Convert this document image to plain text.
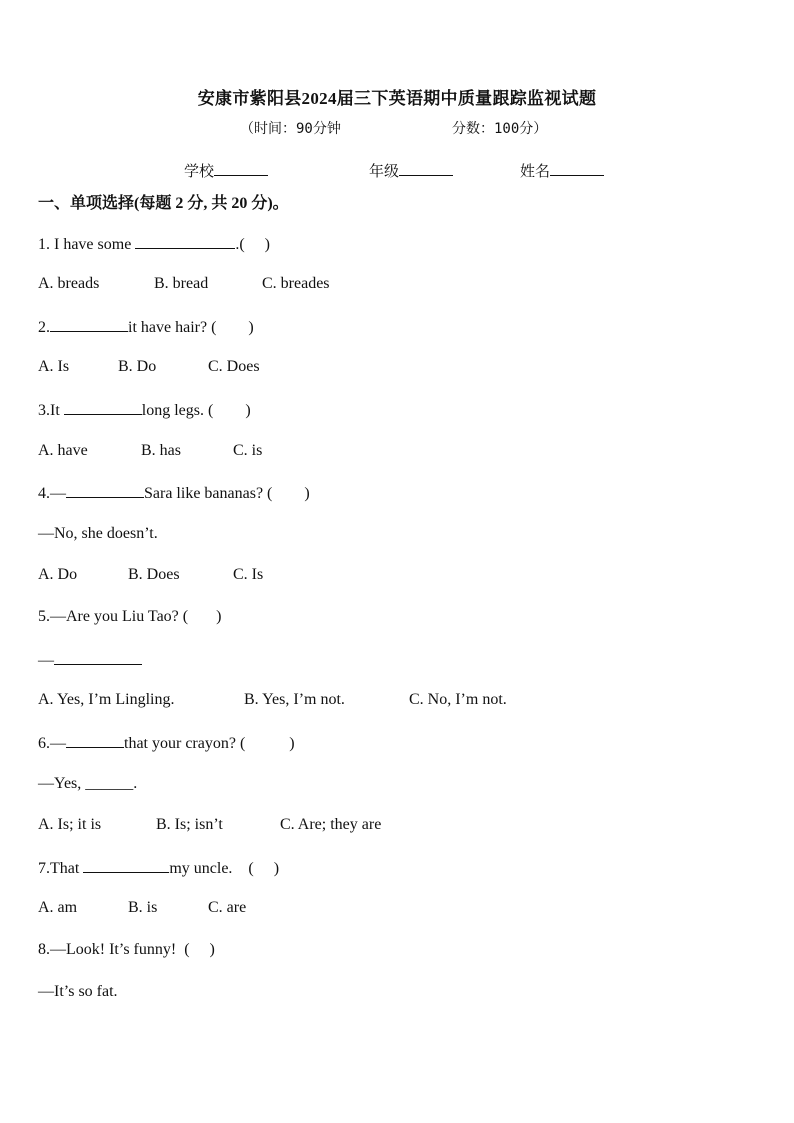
安康市紫阳县2024届三下英语期中质量跟踪监视试题
（时间：90分钟	分数：100分）
学校	年级	姓名
一、单项选择(每题 2 分, 共 20 分)。
1. I have some	.(     )
A. breads	B. bread	C. breades
2.	it have hair? (        )
A. Is	B. Do	C. Does
3.It	long legs. (        )
A. have	B. has	C. is
4.—	Sara like bananas? (        )
—No, she doesn’t.
A. Do	B. Does	C. Is
5.—Are you Liu Tao? (       )
—
A. Yes, I’m Lingling.	B. Yes, I’m not.	C. No, I’m not.
6.—	that your crayon? (           )
—Yes, ______.
A. Is; it is	B. Is; isn’t	C. Are; they are
7.That	my uncle.    (     )
A. am	B. is	C. are
8.—Look! It’s funny!  (     )
—It’s so fat.
